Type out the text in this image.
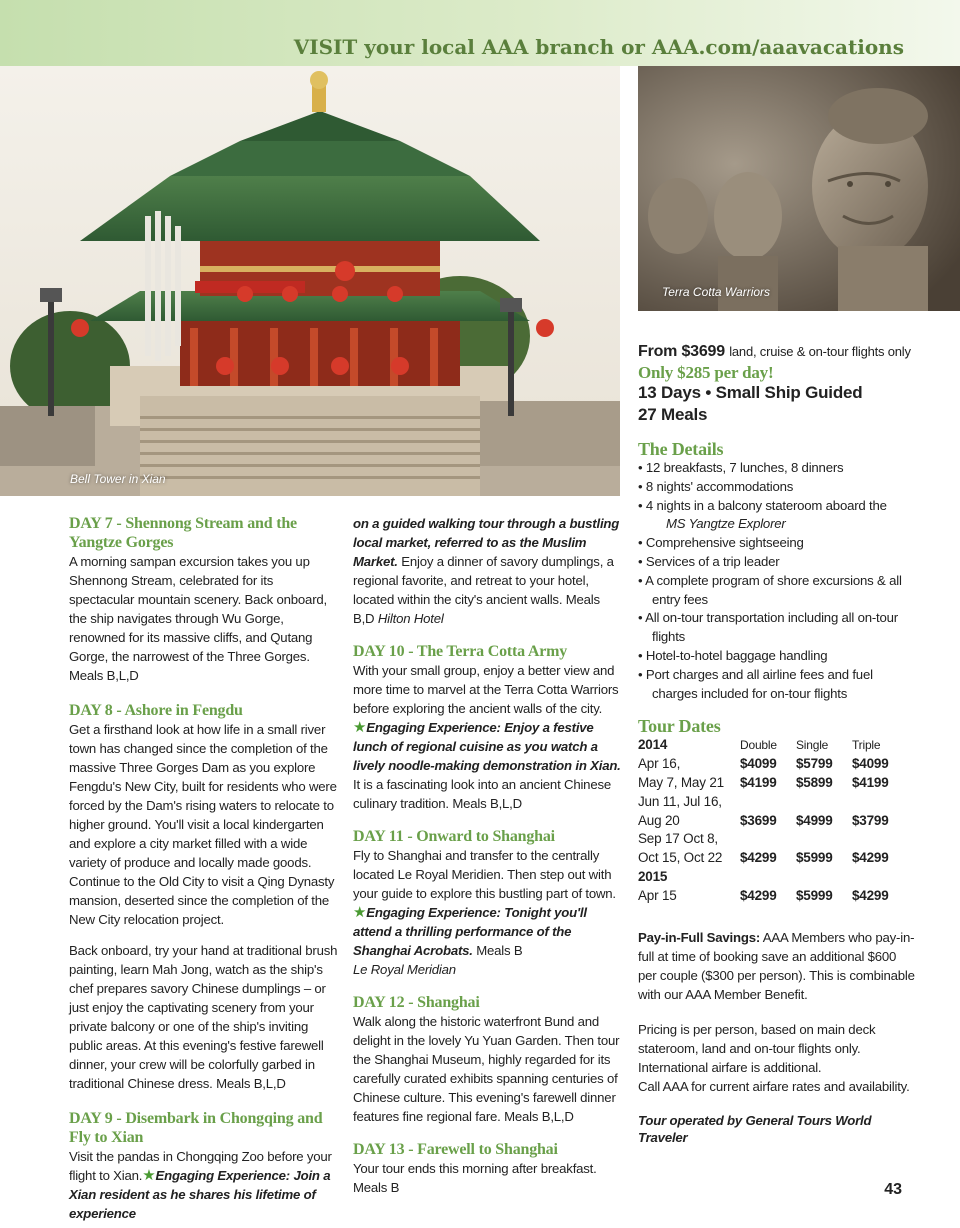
VISIT your local AAA branch or AAA.com/aaavacations
Bell Tower in Xian
Terra Cotta Warriors
DAY 7 - Shennong Stream and the Yangtze Gorges

A morning sampan excursion takes you up Shennong Stream, celebrated for its spectacular mountain scenery. Back onboard, the ship navigates through Wu Gorge, renowned for its massive cliffs, and Qutang Gorge, the narrowest of the Three Gorges. Meals B,L,D

DAY 8 - Ashore in Fengdu

Get a firsthand look at how life in a small river town has changed since the completion of the massive Three Gorges Dam as you explore Fengdu's New City, built for residents who were forced by the Dam's rising waters to relocate to higher ground. You'll visit a local kindergarten and explore a city market filled with a wide variety of produce and locally made goods. Continue to the Old City to visit a Qing Dynasty mansion, deserted since the completion of the New City relocation project.

Back onboard, try your hand at traditional brush painting, learn Mah Jong, watch as the ship's chef prepares savory Chinese dumplings – or just enjoy the captivating scenery from your private balcony or one of the ship's inviting public areas. At this evening's festive farewell dinner, your crew will be colorfully garbed in traditional Chinese dress. Meals B,L,D

DAY 9 - Disembark in Chongqing and Fly to Xian

Visit the pandas in Chongqing Zoo before your flight to Xian.★Engaging Experience: Join a Xian resident as he shares his lifetime of experience

on a guided walking tour through a bustling local market, referred to as the Muslim Market. Enjoy a dinner of savory dumplings, a regional favorite, and retreat to your hotel, located within the city's ancient walls. Meals B,D Hilton Hotel

DAY 10 - The Terra Cotta Army

With your small group, enjoy a better view and more time to marvel at the Terra Cotta Warriors before exploring the ancient walls of the city. ★Engaging Experience: Enjoy a festive lunch of regional cuisine as you watch a lively noodle-making demonstration in Xian. It is a fascinating look into an ancient Chinese culinary tradition. Meals B,L,D

DAY 11 - Onward to Shanghai

Fly to Shanghai and transfer to the centrally located Le Royal Meridien. Then step out with your guide to explore this bustling part of town. ★Engaging Experience: Tonight you'll attend a thrilling performance of the Shanghai Acrobats. Meals B
Le Royal Meridian

DAY 12 - Shanghai

Walk along the historic waterfront Bund and delight in the lovely Yu Yuan Garden. Then tour the Shanghai Museum, highly regarded for its carefully curated exhibits spanning centuries of Chinese culture. This evening's farewell dinner features fine regional fare. Meals B,L,D

DAY 13 - Farewell to Shanghai

Your tour ends this morning after breakfast. Meals B

From $3699 land, cruise & on-tour flights only
Only $285 per day!
13 Days • Small Ship Guided
27 Meals
The Details
• 12 breakfasts, 7 lunches, 8 dinners
• 8 nights' accommodations
• 4 nights in a balcony stateroom aboard the
MS Yangtze Explorer
• Comprehensive sightseeing
• Services of a trip leader
• A complete program of shore excursions & all entry fees
• All on-tour transportation including all on-tour flights
• Hotel-to-hotel baggage handling
• Port charges and all airline fees and fuel charges included for on-tour flights
Tour Dates
2014	Double	Single	Triple
Apr 16,	$4099	$5799	$4099
May 7, May 21	$4199	$5899	$4199
Jun 11, Jul 16,			
Aug 20	$3699	$4999	$3799
Sep 17 Oct 8,			
Oct 15, Oct 22	$4299	$5999	$4299
2015			
Apr 15	$4299	$5999	$4299

Pay-in-Full Savings: AAA Members who pay-in-full at time of booking save an additional $600 per couple ($300 per person). This is combinable with our AAA Member Benefit.

Pricing is per person, based on main deck stateroom, land and on-tour flights only.
International airfare is additional.
Call AAA for current airfare rates and availability.

Tour operated by General Tours World Traveler

43
